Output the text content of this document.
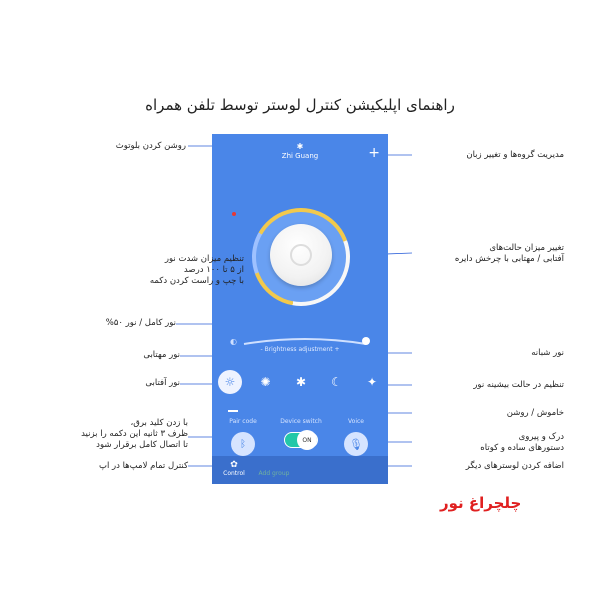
راهنمای اپلیکیشن کنترل لوستر توسط تلفن همراه
✱
Zhi Guang	+
◐
- Brightness adjustment +
☼ ✺ ✱ ☾ ✦
Pair code	Device switch	Voice
ᛒ	ON	🎙
✿
Control
	Add group
روشن کردن بلوتوث
تنظیم میزان شدت نور
از ۵ تا ۱۰۰ درصد
با چپ و راست کردن دکمه
نور کامل / نور ۵۰%
نور مهتابی
نور آفتابی
با زدن کلید برق،
ظرف ۳ ثانیه این دکمه را بزنید
تا اتصال کامل برقرار شود
کنترل تمام لامپ‌ها در اپ
مدیریت گروه‌ها و تغییر زبان
تغییر میزان حالت‌های
آفتابی / مهتابی با چرخش دایره
نور شبانه
تنظیم در حالت بیشینه نور
خاموش / روشن
درک و پیروی
دستورهای ساده و کوتاه
اضافه کردن لوسترهای دیگر
چلچراغ نور
